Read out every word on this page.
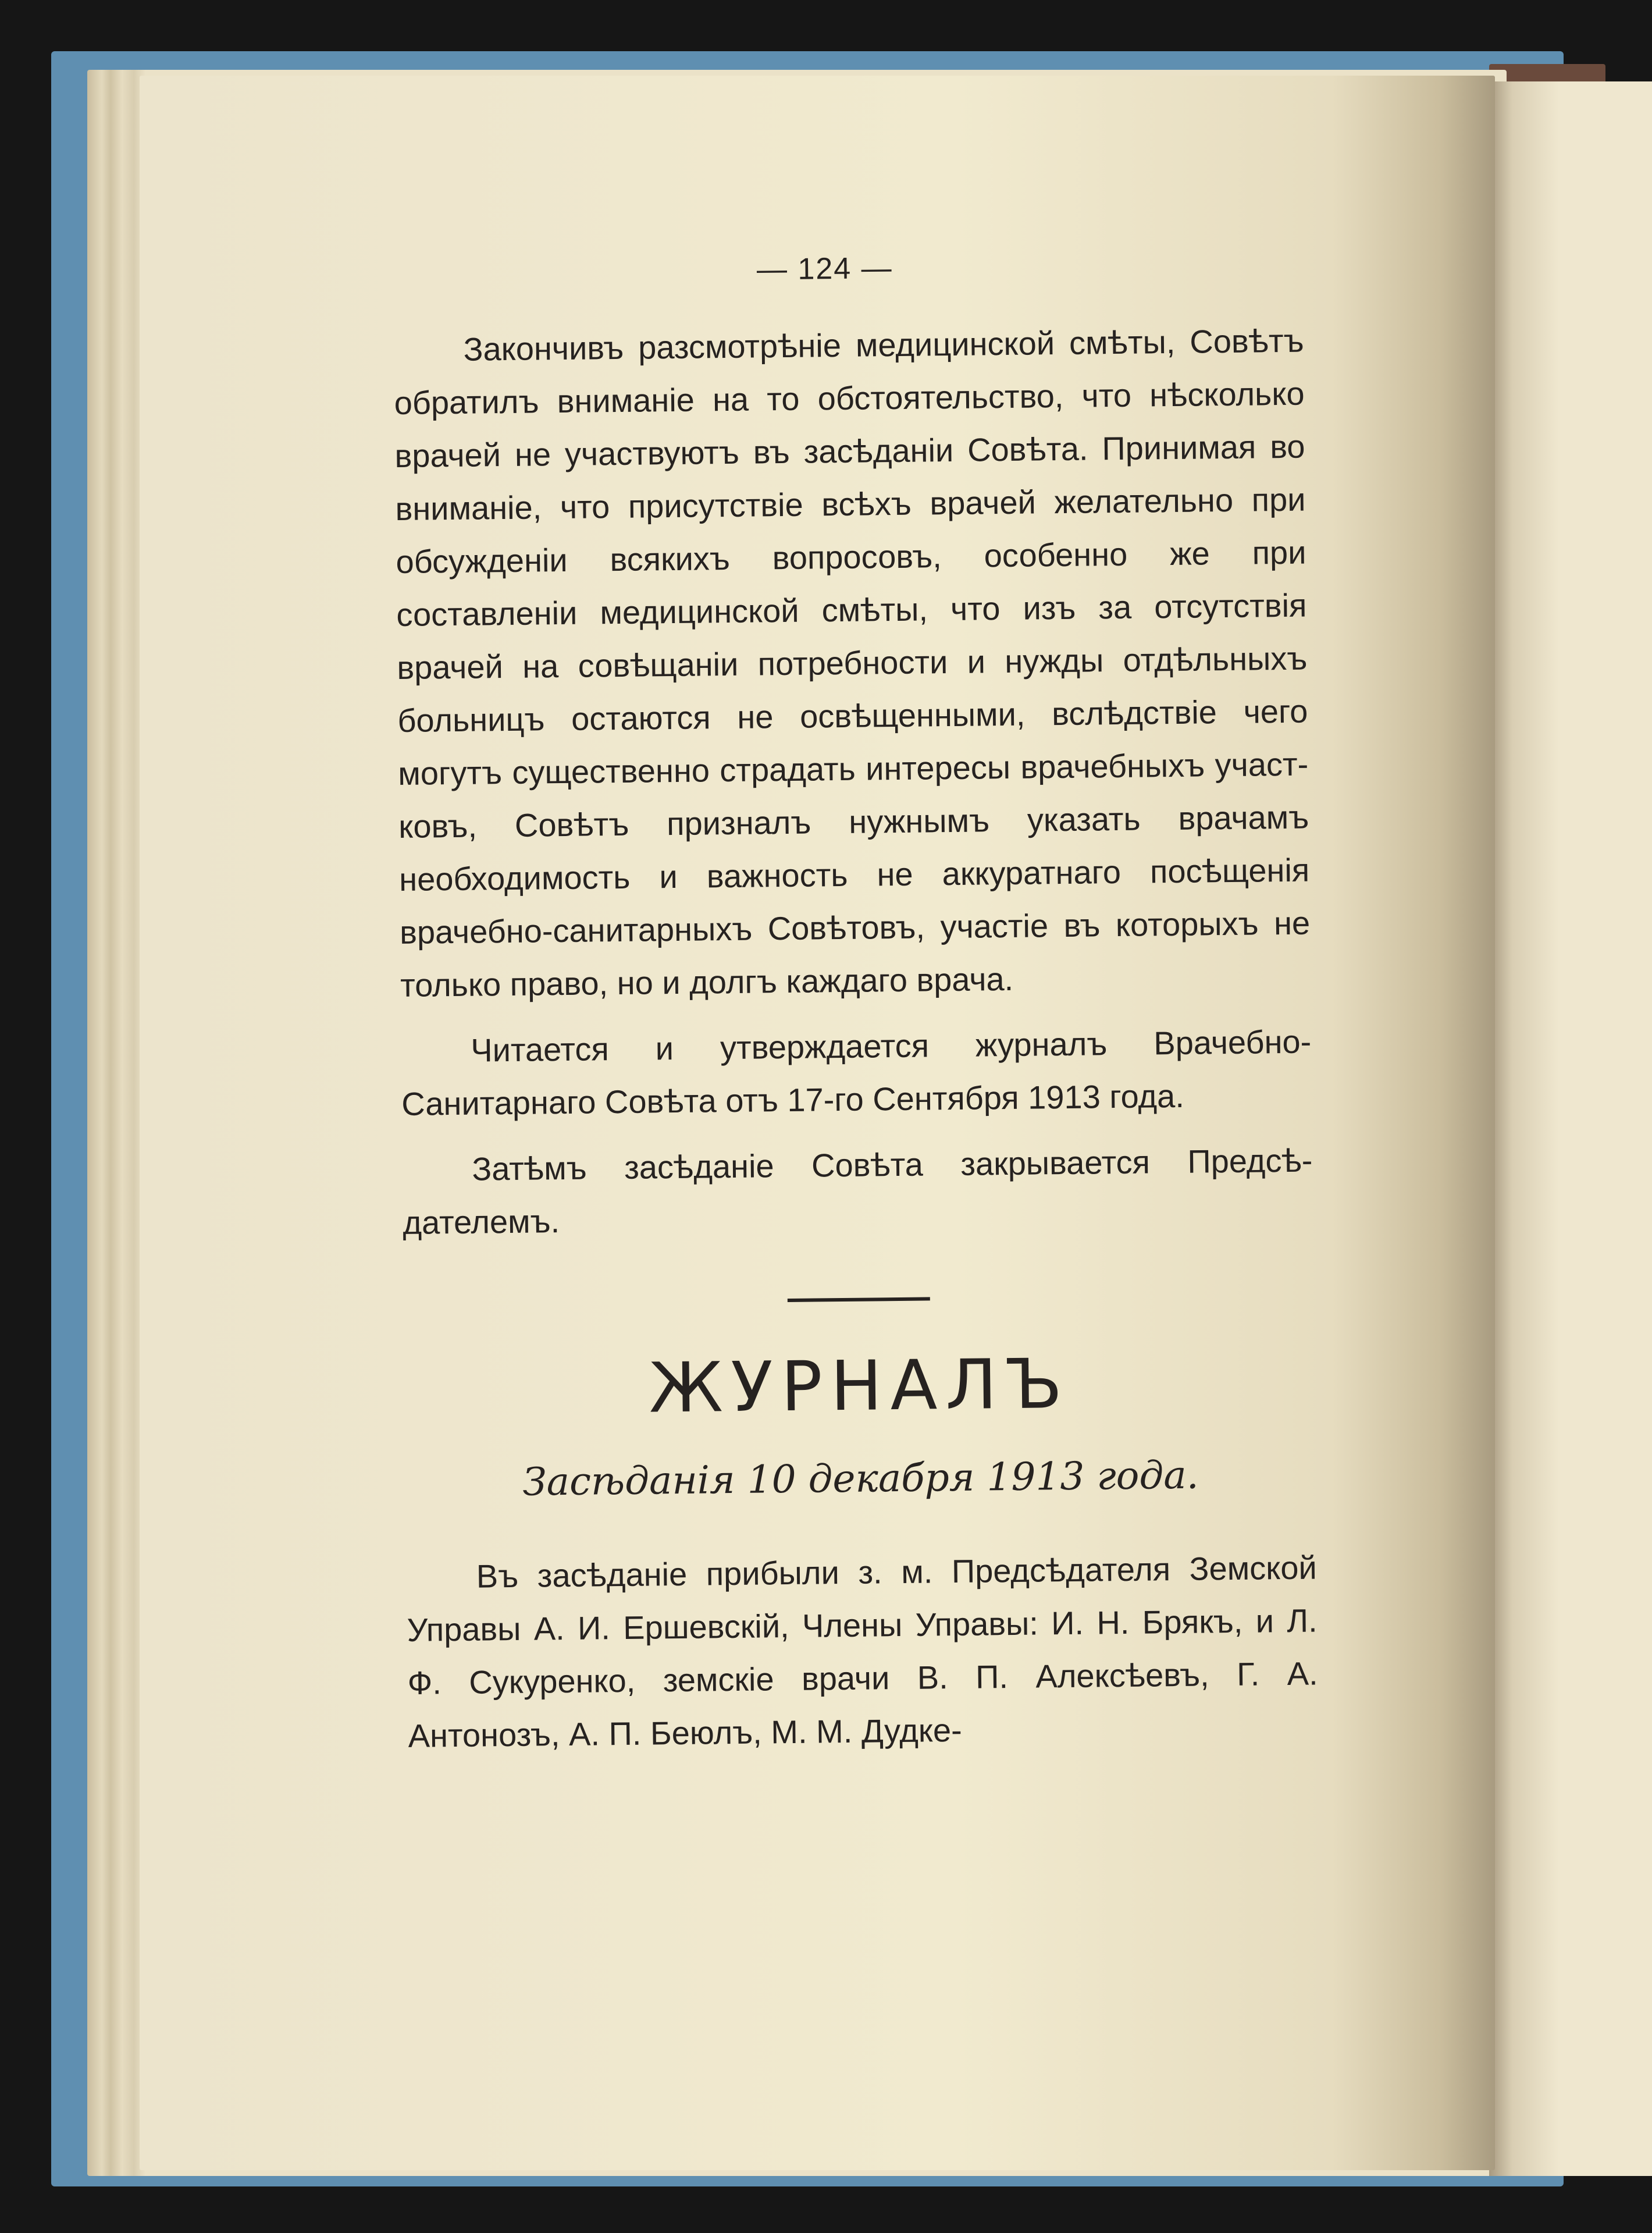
— 124 —

Закончивъ разсмотрѣніе медицинской смѣты, Совѣтъ обратилъ вниманіе на то обстоятельство, что нѣсколько врачей не участвуютъ въ засѣданіи Совѣта. Принимая во вниманіе, что присутствіе всѣхъ врачей желательно при обсужденіи всякихъ вопросовъ, особенно же при составленіи медицинской смѣты, что изъ за отсутствія врачей на совѣщаніи потребности и нужды отдѣльныхъ больницъ остаются не освѣщенными, вслѣдствіе чего могутъ существенно страдать интересы врачебныхъ участковъ, Совѣтъ призналъ нужнымъ указать врачамъ необходимость и важность не аккуратнаго посѣщенія врачебно-санитарныхъ Совѣтовъ, участіе въ которыхъ не только право, но и долгъ каждаго врача.

Читается и утверждается журналъ Врачебно-Санитарнаго Совѣта отъ 17-го Сентября 1913 года.

Затѣмъ засѣданіе Совѣта закрывается Предсѣдателемъ.

ЖУРНАЛЪ
Засѣданія 10 декабря 1913 года.

Въ засѣданіе прибыли з. м. Предсѣдателя Земской Управы А. И. Ершевскій, Члены Управы: И. Н. Брякъ, и Л. Ф. Сукуренко, земскіе врачи В. П. Алексѣевъ, Г. А. Антонозъ, А. П. Беюлъ, М. М. Дудке-
